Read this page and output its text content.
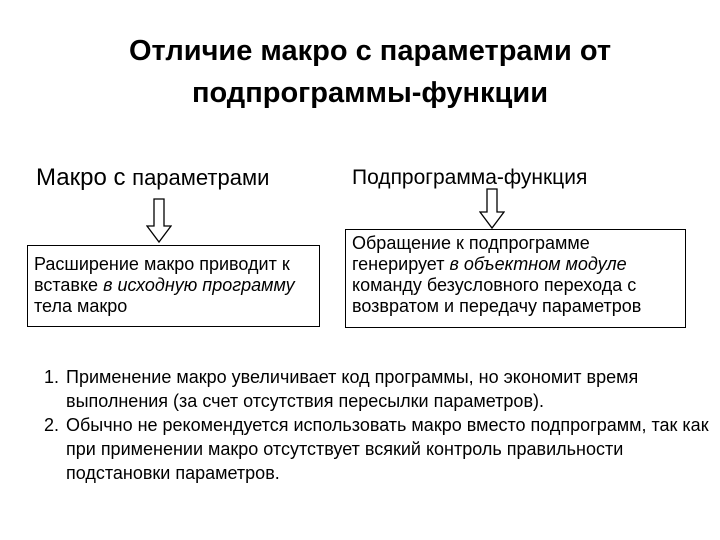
Отличие макро с параметрами от
подпрограммы-функции
Макро с параметрами	Подпрограмма-функция
Расширение макро приводит к вставке в исходную программу тела макро
Обращение к подпрограмме генерирует в объектном модуле команду безусловного перехода с возвратом и передачу параметров
1. Применение макро увеличивает код программы, но экономит время выполнения (за счет отсутствия пересылки параметров).
2. Обычно не рекомендуется использовать макро вместо подпрограмм, так как при применении макро отсутствует всякий контроль правильности подстановки параметров.
